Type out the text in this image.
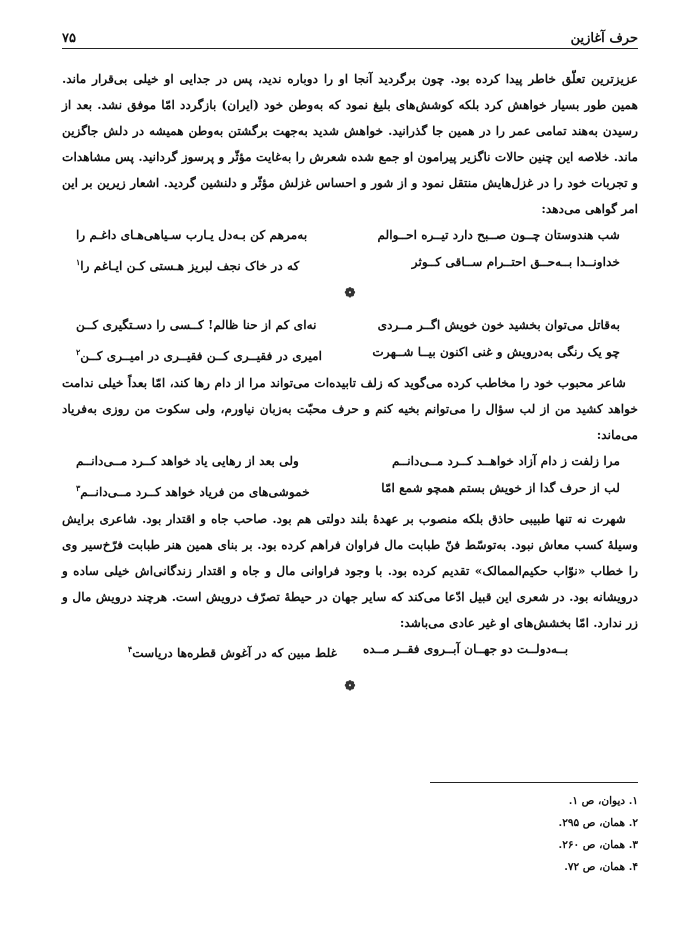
حرف آغازین
۷۵

عزیزترین تعلّق خاطر پیدا کرده بود. چون برگردید آنجا او را دوباره ندید، پس در جدایی او خیلی بی‌قرار ماند. همین طور بسیار خواهش کرد بلکه کوشش‌های بلیغ نمود که به‌وطن خود (ایران) بازگردد امّا موفق نشد. بعد از رسیدن به‌هند تمامی عمر را در همین جا گذرانید. خواهش شدید به‌جهت برگشتن به‌وطن همیشه در دلش جاگزین ماند. خلاصه این چنین حالات ناگزیر پیرامون او جمع شده شعرش را به‌غایت مؤثّر و پرسوز گردانید. پس مشاهدات و تجربات خود را در غزل‌هایش منتقل نمود و از شور و احساس غزلش مؤثّر و دلنشین گردید. اشعار زیرین بر این امر گواهی می‌دهد:

شب هندوستان چــون صــبح دارد تیــره احــوالم
به‌مرهم کن بـه‌دل یـارب سـیاهی‌هـای داغـم را
خداونــدا بــه‌حــق احتــرام ســاقی کــوثر
که در خاک نجف لبریز هـستی کـن ایـاغم را$^۱$
❁
به‌قاتل می‌توان بخشید خون خویش اگــر مــردی
نه‌ای کم از حنا ظالم! کــسی را دسـتگیری کــن
چو یک رنگی به‌درویش و غنی اکنون بیــا شــهرت
امیری در فقیــری کــن فقیــری در امیــری کــن$^۲$

شاعر محبوب خود را مخاطب کرده می‌گوید که زلف تابیده‌ات می‌تواند مرا از دام رها کند، امّا بعداً خیلی ندامت خواهد کشید من از لب سؤال را می‌توانم بخیه کنم و حرف محبّت به‌زبان نیاورم، ولی سکوت من روزی به‌فریاد می‌ماند:

مرا زلفت ز دام آزاد خواهــد کــرد مــی‌دانــم
ولی بعد از رهایی یاد خواهد کــرد مــی‌دانــم
لب از حرف گدا از خویش بستم همچو شمع امّا
خموشی‌های من فریاد خواهد کــرد مــی‌دانــم$^۳$

شهرت نه تنها طبیبی حاذق بلکه منصوب بر عهدهٔ بلند دولتی هم بود. صاحب جاه و اقتدار بود. شاعری برایش وسیلهٔ کسب معاش نبود. به‌توسّط فنّ طبابت مال فراوان فراهم کرده بود. بر بنای همین هنر طبابت فرّخ‌سیر وی را خطاب «نوّاب حکیم‌الممالک» تقدیم کرده بود. با وجود فراوانی مال و جاه و اقتدار زندگانی‌اش خیلی ساده و درویشانه بود. در شعری این قبیل ادّعا می‌کند که سایر جهان در حیطهٔ تصرّف درویش است. هرچند درویش مال و زر ندارد. امّا بخشش‌های او غیر عادی می‌باشد:

بــه‌دولــت دو جهــان آبــروی فقــر مــده
غلط مبین که در آغوش قطره‌ها دریاست$^۴$
❁
۱. دیوان، ص ۱.
۲. همان، ص ۲۹۵.
۳. همان، ص ۲۶۰.
۴. همان، ص ۷۲.
